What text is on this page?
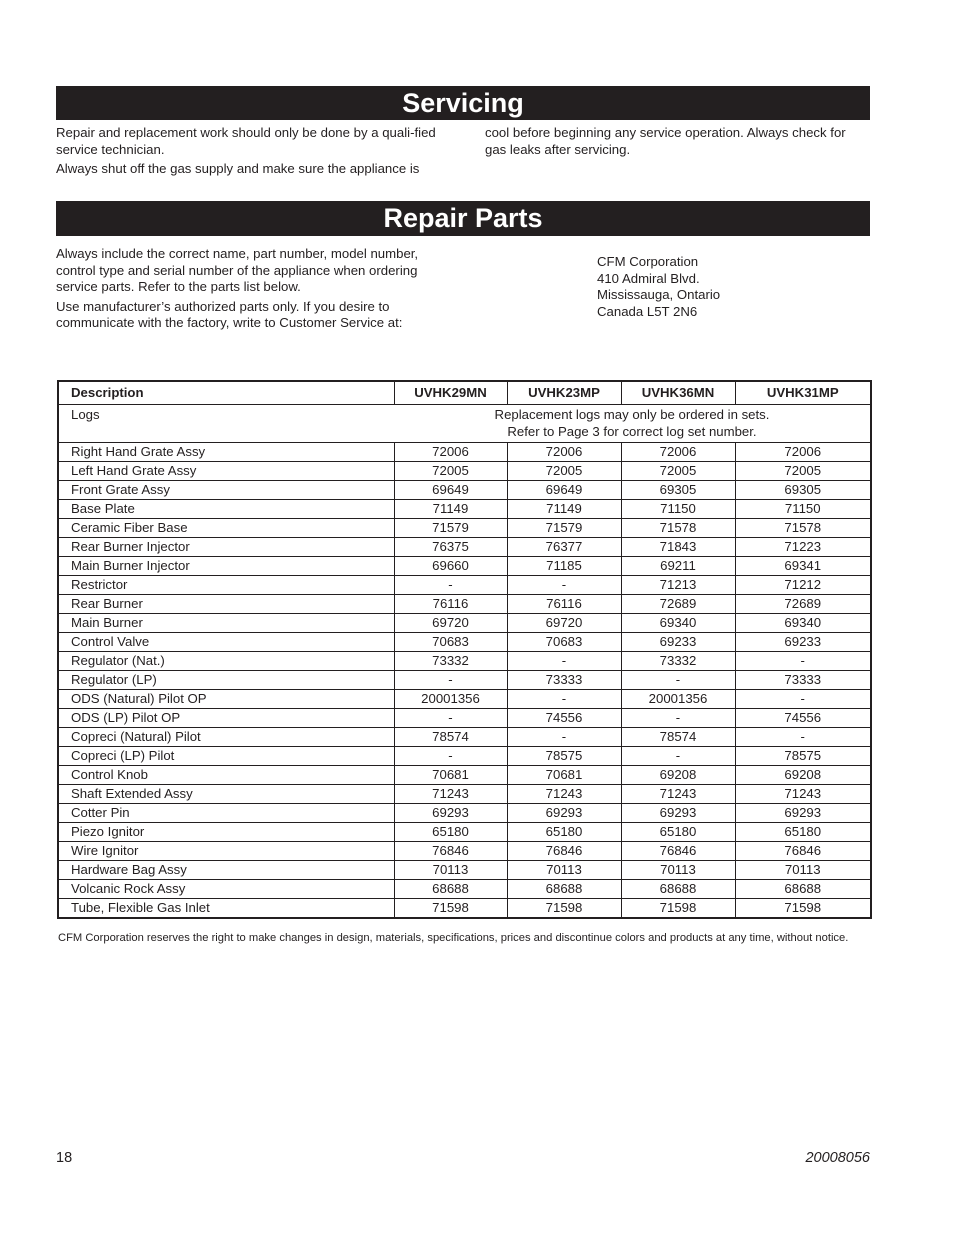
Servicing

Repair and replacement work should only be done by a quali-fied service technician.

Always shut off the gas supply and make sure the appliance is

cool before beginning any service operation. Always check for gas leaks after servicing.

Repair Parts

Always include the correct name, part number, model number, control type and serial number of the appliance when ordering service parts. Refer to the parts list below.

Use manufacturer’s authorized parts only. If you desire to communicate with the factory, write to Customer Service at:

CFM Corporation
410 Admiral Blvd.
Mississauga, Ontario
Canada L5T 2N6
Description	UVHK29MN	UVHK23MP	UVHK36MN	UVHK31MP
Logs	Replacement logs may only be ordered in sets.
Refer to Page 3 for correct log set number.			

Right Hand Grate Assy	72006	72006	72006	72006
Left Hand Grate Assy	72005	72005	72005	72005
Front Grate Assy	69649	69649	69305	69305
Base Plate	71149	71149	71150	71150
Ceramic Fiber Base	71579	71579	71578	71578
Rear Burner Injector	76375	76377	71843	71223
Main Burner Injector	69660	71185	69211	69341
Restrictor	-	-	71213	71212
Rear Burner	76116	76116	72689	72689
Main Burner	69720	69720	69340	69340
Control Valve	70683	70683	69233	69233
Regulator (Nat.)	73332	-	73332	-
Regulator (LP)	-	73333	-	73333
ODS (Natural) Pilot OP	20001356	-	20001356	-
ODS (LP) Pilot OP	-	74556	-	74556
Copreci (Natural) Pilot	78574	-	78574	-
Copreci (LP) Pilot	-	78575	-	78575
Control Knob	70681	70681	69208	69208
Shaft Extended Assy	71243	71243	71243	71243
Cotter Pin	69293	69293	69293	69293
Piezo Ignitor	65180	65180	65180	65180
Wire Ignitor	76846	76846	76846	76846
Hardware Bag Assy	70113	70113	70113	70113
Volcanic Rock Assy	68688	68688	68688	68688
Tube, Flexible Gas Inlet	71598	71598	71598	71598
CFM Corporation reserves the right to make changes in design, materials, specifications, prices and discontinue colors and products at any time, without notice.
18	20008056
